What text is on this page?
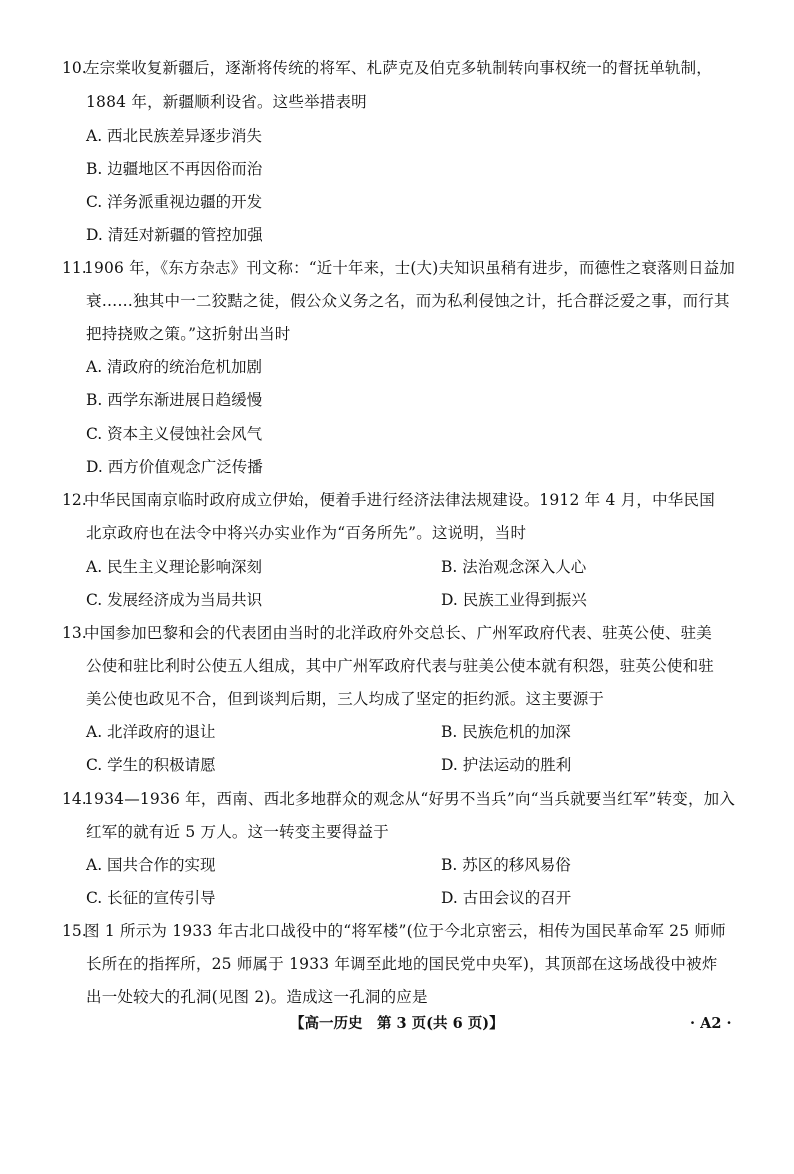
10.
左宗棠收复新疆后，逐渐将传统的将军、札萨克及伯克多轨制转向事权统一的督抚单轨制，
1884 年，新疆顺利设省。这些举措表明
A. 西北民族差异逐步消失
B. 边疆地区不再因俗而治
C. 洋务派重视边疆的开发
D. 清廷对新疆的管控加强
11.
1906 年，《东方杂志》刊文称：“近十年来，士(大)夫知识虽稍有进步，而德性之衰落则日益加
衰……独其中一二狡黠之徒，假公众义务之名，而为私利侵蚀之计，托合群泛爱之事，而行其
把持挠败之策。”这折射出当时
A. 清政府的统治危机加剧
B. 西学东渐进展日趋缓慢
C. 资本主义侵蚀社会风气
D. 西方价值观念广泛传播
12.
中华民国南京临时政府成立伊始，便着手进行经济法律法规建设。1912 年 4 月，中华民国
北京政府也在法令中将兴办实业作为“百务所先”。这说明，当时
A. 民生主义理论影响深刻	B. 法治观念深入人心
C. 发展经济成为当局共识	D. 民族工业得到振兴
13.
中国参加巴黎和会的代表团由当时的北洋政府外交总长、广州军政府代表、驻英公使、驻美
公使和驻比利时公使五人组成，其中广州军政府代表与驻美公使本就有积怨，驻英公使和驻
美公使也政见不合，但到谈判后期，三人均成了坚定的拒约派。这主要源于
A. 北洋政府的退让	B. 民族危机的加深
C. 学生的积极请愿	D. 护法运动的胜利
14.
1934—1936 年，西南、西北多地群众的观念从“好男不当兵”向“当兵就要当红军”转变，加入
红军的就有近 5 万人。这一转变主要得益于
A. 国共合作的实现	B. 苏区的移风易俗
C. 长征的宣传引导	D. 古田会议的召开
15.
图 1 所示为 1933 年古北口战役中的“将军楼”(位于今北京密云，相传为国民革命军 25 师师
长所在的指挥所，25 师属于 1933 年调至此地的国民党中央军)，其顶部在这场战役中被炸
出一处较大的孔洞(见图 2)。造成这一孔洞的应是
【高一历史　第 3 页(共 6 页)】	· A2 ·
